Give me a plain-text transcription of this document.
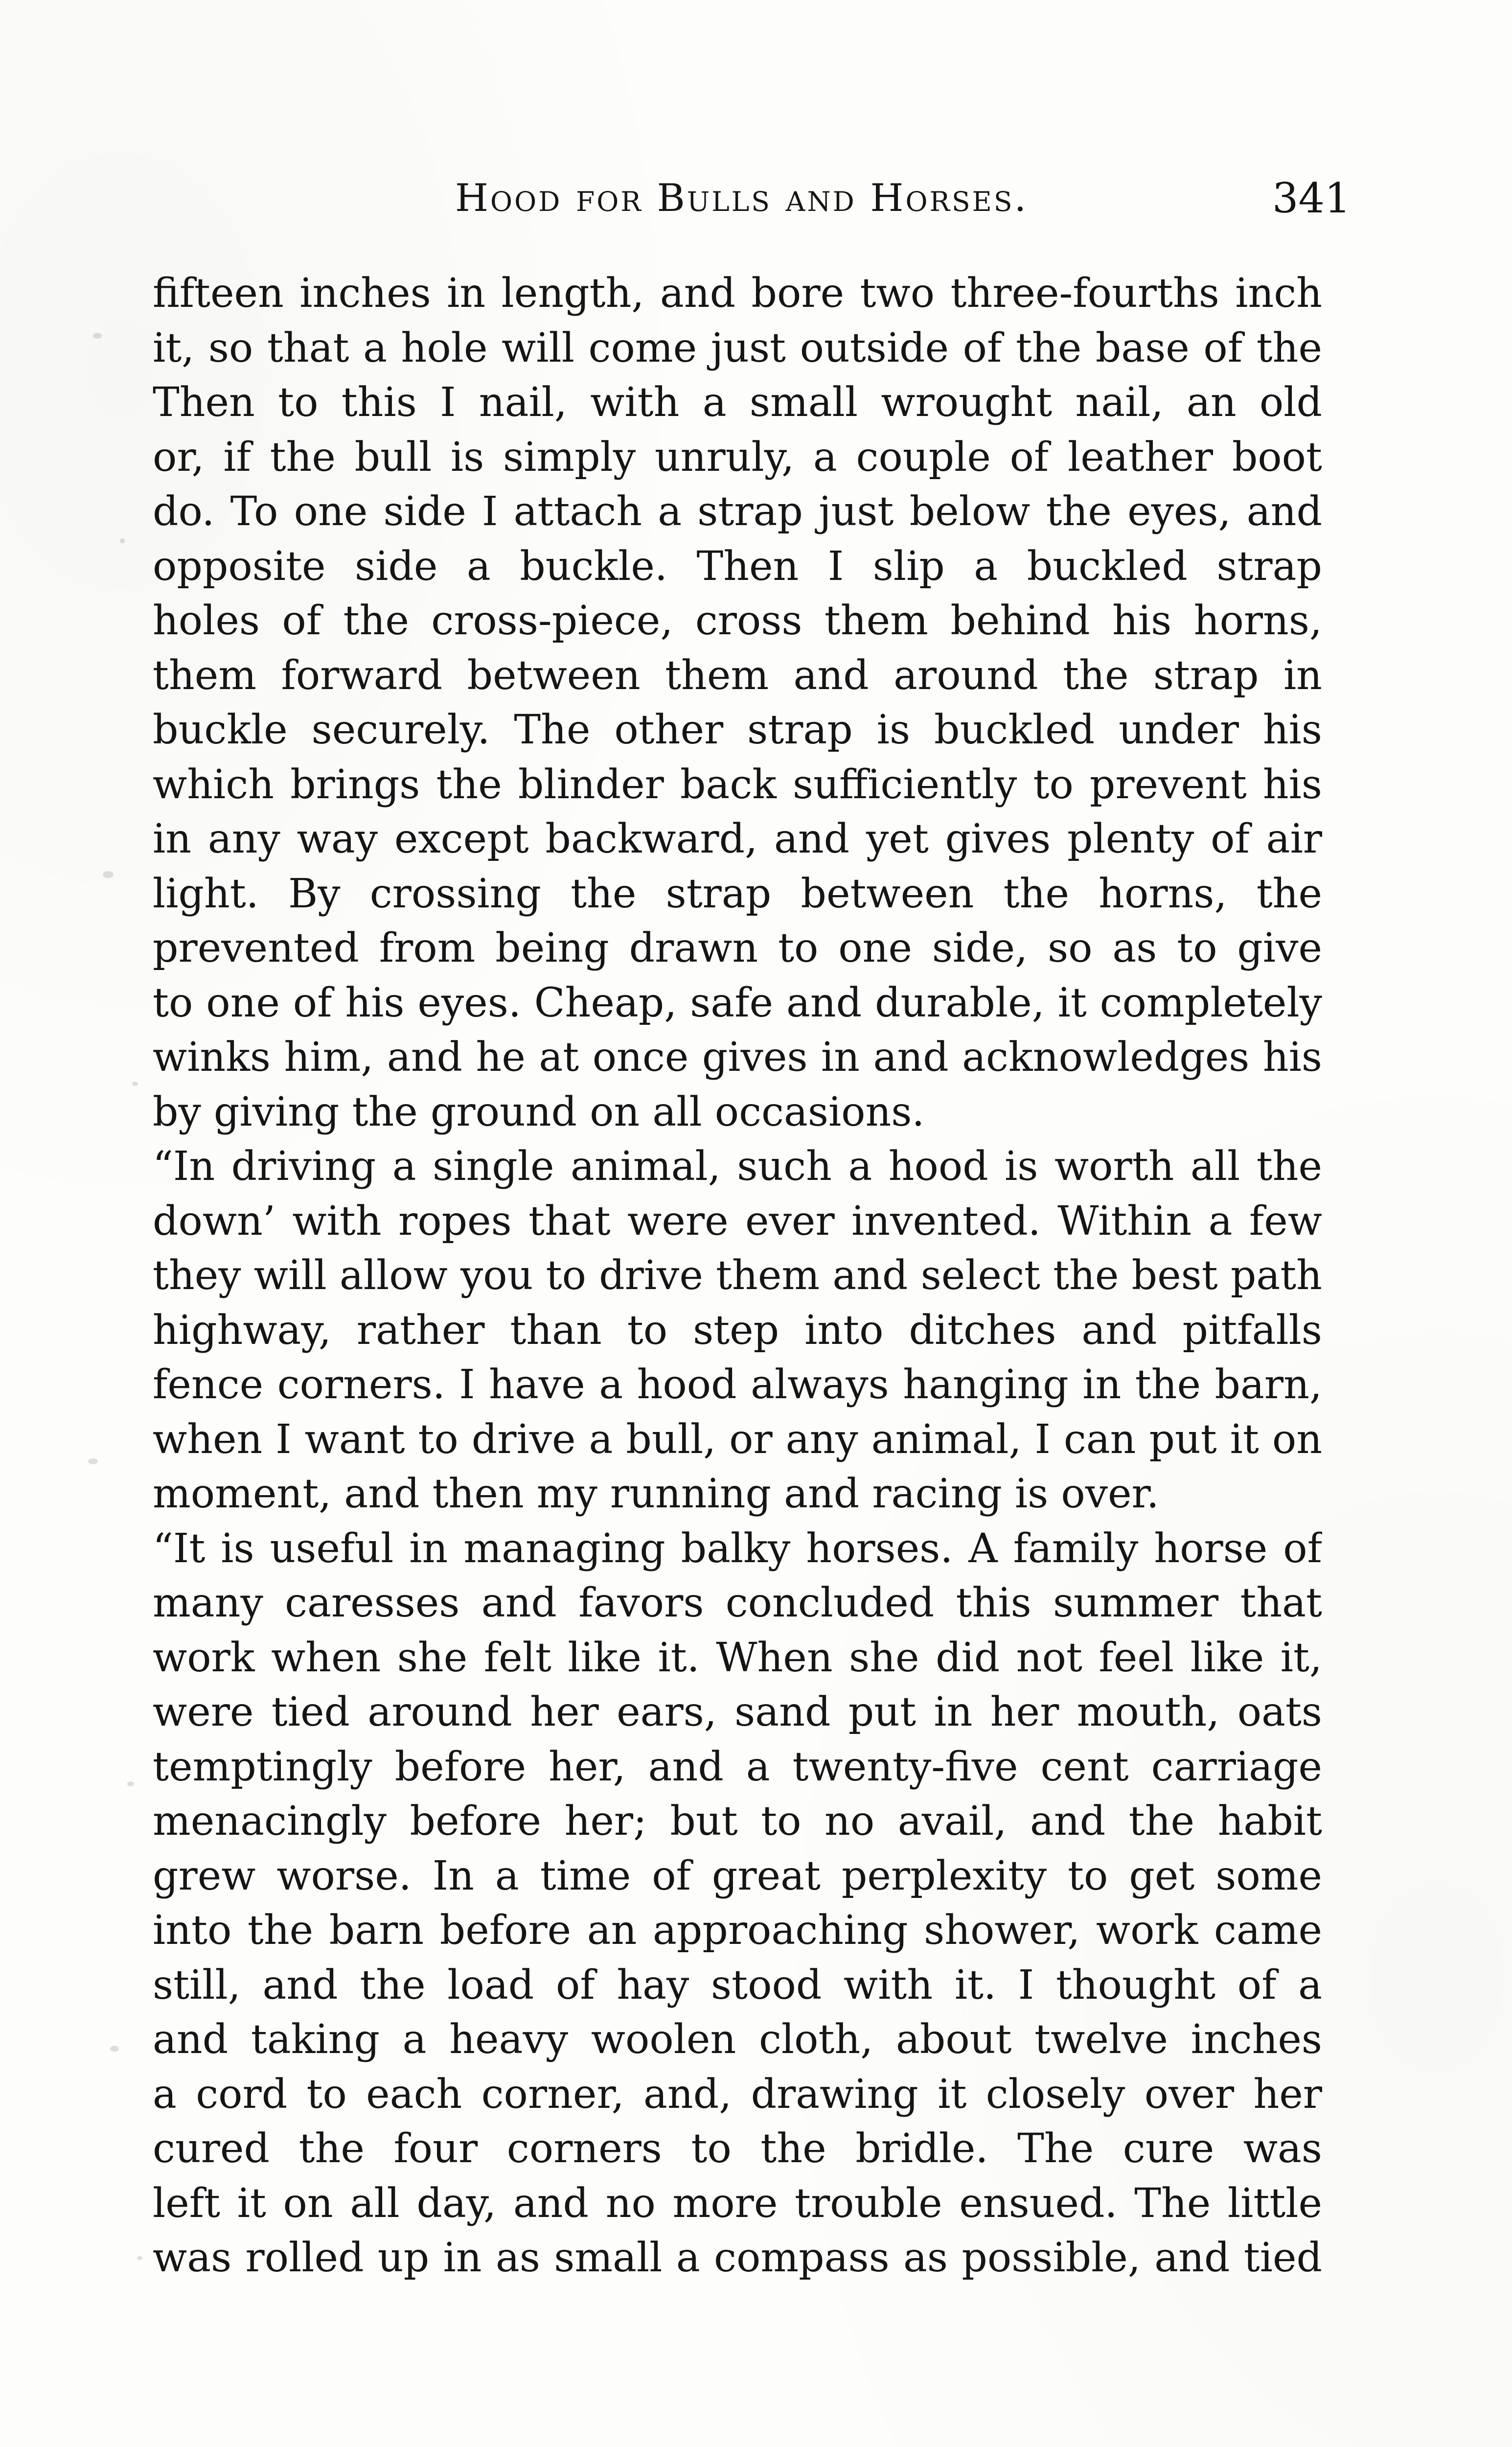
Hood for Bulls and Horses.	341
fifteen inches in length, and bore two three-fourths inch
it, so that a hole will come just outside of the base of the
Then to this I nail, with a small wrought nail, an old
or, if the bull is simply unruly, a couple of leather boot
do. To one side I attach a strap just below the eyes, and
opposite side a buckle. Then I slip a buckled strap
holes of the cross-piece, cross them behind his horns,
them forward between them and around the strap in
buckle securely. The other strap is buckled under his
which brings the blinder back sufficiently to prevent his
in any way except backward, and yet gives plenty of air
light. By crossing the strap between the horns, the
prevented from being drawn to one side, so as to give
to one of his eyes. Cheap, safe and durable, it completely
winks him, and he at once gives in and acknowledges his
by giving the ground on all occasions.
“In driving a single animal, such a hood is worth all the
down’ with ropes that were ever invented. Within a few
they will allow you to drive them and select the best path
highway, rather than to step into ditches and pitfalls
fence corners. I have a hood always hanging in the barn,
when I want to drive a bull, or any animal, I can put it on
moment, and then my running and racing is over.
“It is useful in managing balky horses. A family horse of
many caresses and favors concluded this summer that
work when she felt like it. When she did not feel like it,
were tied around her ears, sand put in her mouth, oats
temptingly before her, and a twenty-five cent carriage
menacingly before her; but to no avail, and the habit
grew worse. In a time of great perplexity to get some
into the barn before an approaching shower, work came
still, and the load of hay stood with it. I thought of a
and taking a heavy woolen cloth, about twelve inches
a cord to each corner, and, drawing it closely over her
cured the four corners to the bridle. The cure was
left it on all day, and no more trouble ensued. The little
was rolled up in as small a compass as possible, and tied
